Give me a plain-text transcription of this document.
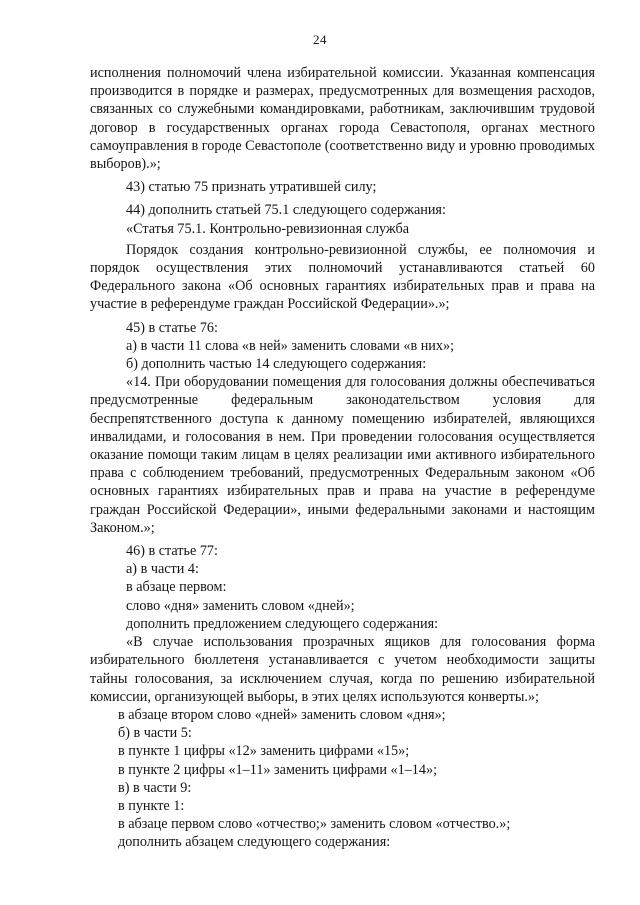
24

исполнения полномочий члена избирательной комиссии. Указанная компенсация производится в порядке и размерах, предусмотренных для возмещения расходов, связанных со служебными командировками, работникам, заключившим трудовой договор в государственных органах города Севастополя, органах местного самоуправления в городе Севастополе (соответственно виду и уровню проводимых выборов).»;

43) статью 75 признать утратившей силу;

44) дополнить статьей 75.1 следующего содержания:

«Статья 75.1. Контрольно-ревизионная служба

Порядок создания контрольно-ревизионной службы, ее полномочия и порядок осуществления этих полномочий устанавливаются статьей 60 Федерального закона «Об основных гарантиях избирательных прав и права на участие в референдуме граждан Российской Федерации».»;

45) в статье 76:

а) в части 11 слова «в ней» заменить словами «в них»;

б) дополнить частью 14 следующего содержания:

«14. При оборудовании помещения для голосования должны обеспечиваться предусмотренные федеральным законодательством условия для беспрепятственного доступа к данному помещению избирателей, являющихся инвалидами, и голосования в нем. При проведении голосования осуществляется оказание помощи таким лицам в целях реализации ими активного избирательного права с соблюдением требований, предусмотренных Федеральным законом «Об основных гарантиях избирательных прав и права на участие в референдуме граждан Российской Федерации», иными федеральными законами и настоящим Законом.»;

46) в статье 77:

а) в части 4:

в абзаце первом:

слово «дня» заменить словом «дней»;

дополнить предложением следующего содержания:

«В случае использования прозрачных ящиков для голосования форма избирательного бюллетеня устанавливается с учетом необходимости защиты тайны голосования, за исключением случая, когда по решению избирательной комиссии, организующей выборы, в этих целях используются конверты.»;

в абзаце втором слово «дней» заменить словом «дня»;

б) в части 5:

в пункте 1 цифры «12» заменить цифрами «15»;

в пункте 2 цифры «1–11» заменить цифрами «1–14»;

в) в части 9:

в пункте 1:

в абзаце первом слово «отчество;» заменить словом «отчество.»;

дополнить абзацем следующего содержания:
